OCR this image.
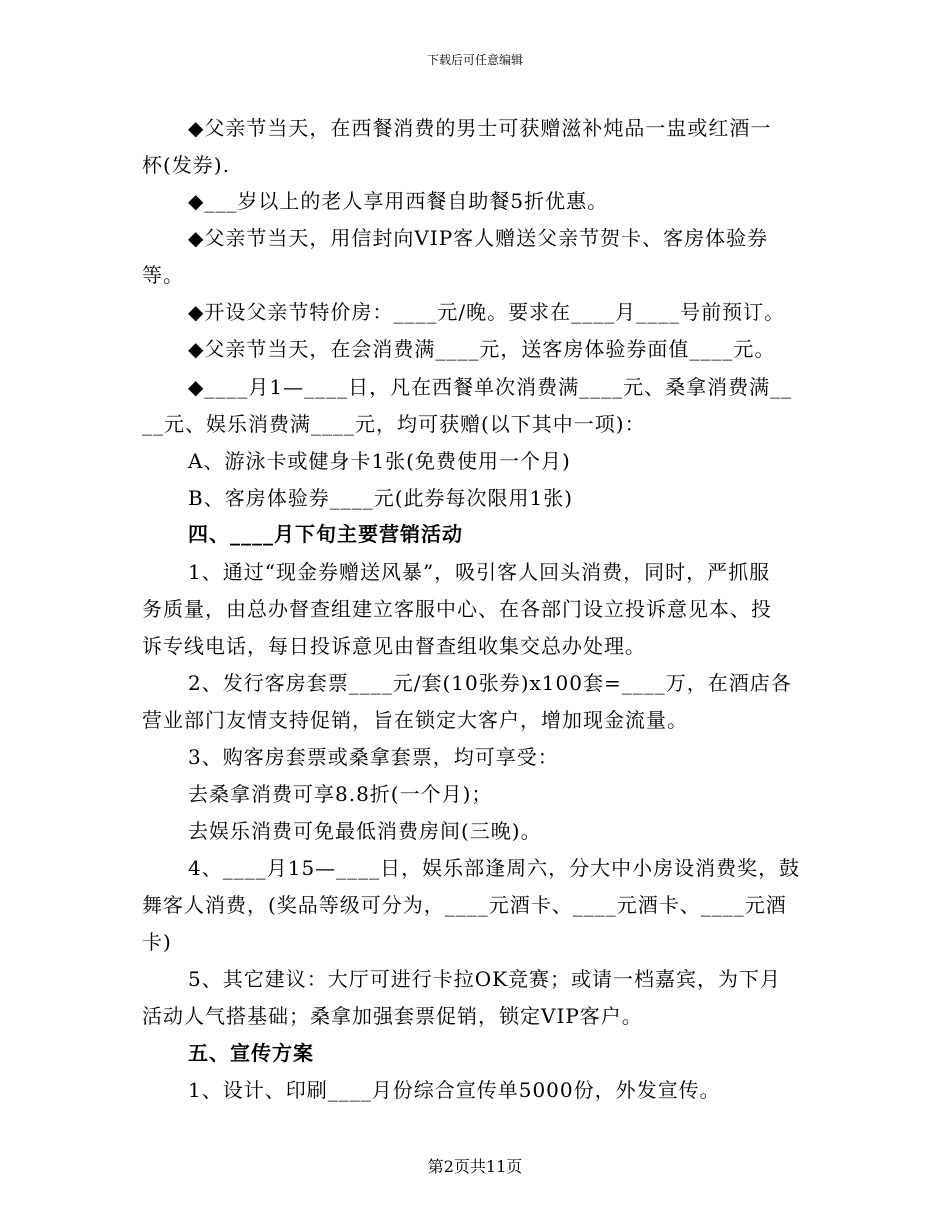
下载后可任意编辑
◆父亲节当天，在西餐消费的男士可获赠滋补炖品一盅或红酒一
杯(发券).
◆___岁以上的老人享用西餐自助餐5折优惠。
◆父亲节当天，用信封向VIP客人赠送父亲节贺卡、客房体验券
等。
◆开设父亲节特价房：____元/晚。要求在____月____号前预订。
◆父亲节当天，在会消费满____元，送客房体验券面值____元。
◆____月1—____日，凡在西餐单次消费满____元、桑拿消费满__
__元、娱乐消费满____元，均可获赠(以下其中一项)：
A、游泳卡或健身卡1张(免费使用一个月)
B、客房体验券____元(此券每次限用1张)
四、____月下旬主要营销活动
1、通过“现金券赠送风暴”，吸引客人回头消费，同时，严抓服
务质量，由总办督查组建立客服中心、在各部门设立投诉意见本、投
诉专线电话，每日投诉意见由督查组收集交总办处理。
2、发行客房套票____元/套(10张券)x100套=____万，在酒店各
营业部门友情支持促销，旨在锁定大客户，增加现金流量。
3、购客房套票或桑拿套票，均可享受：
去桑拿消费可享8.8折(一个月)；
去娱乐消费可免最低消费房间(三晚)。
4、____月15—____日，娱乐部逢周六，分大中小房设消费奖，鼓
舞客人消费，(奖品等级可分为，____元酒卡、____元酒卡、____元酒
卡)
5、其它建议：大厅可进行卡拉OK竞赛；或请一档嘉宾，为下月
活动人气搭基础；桑拿加强套票促销，锁定VIP客户。
五、宣传方案
1、设计、印刷____月份综合宣传单5000份，外发宣传。
第2页共11页
